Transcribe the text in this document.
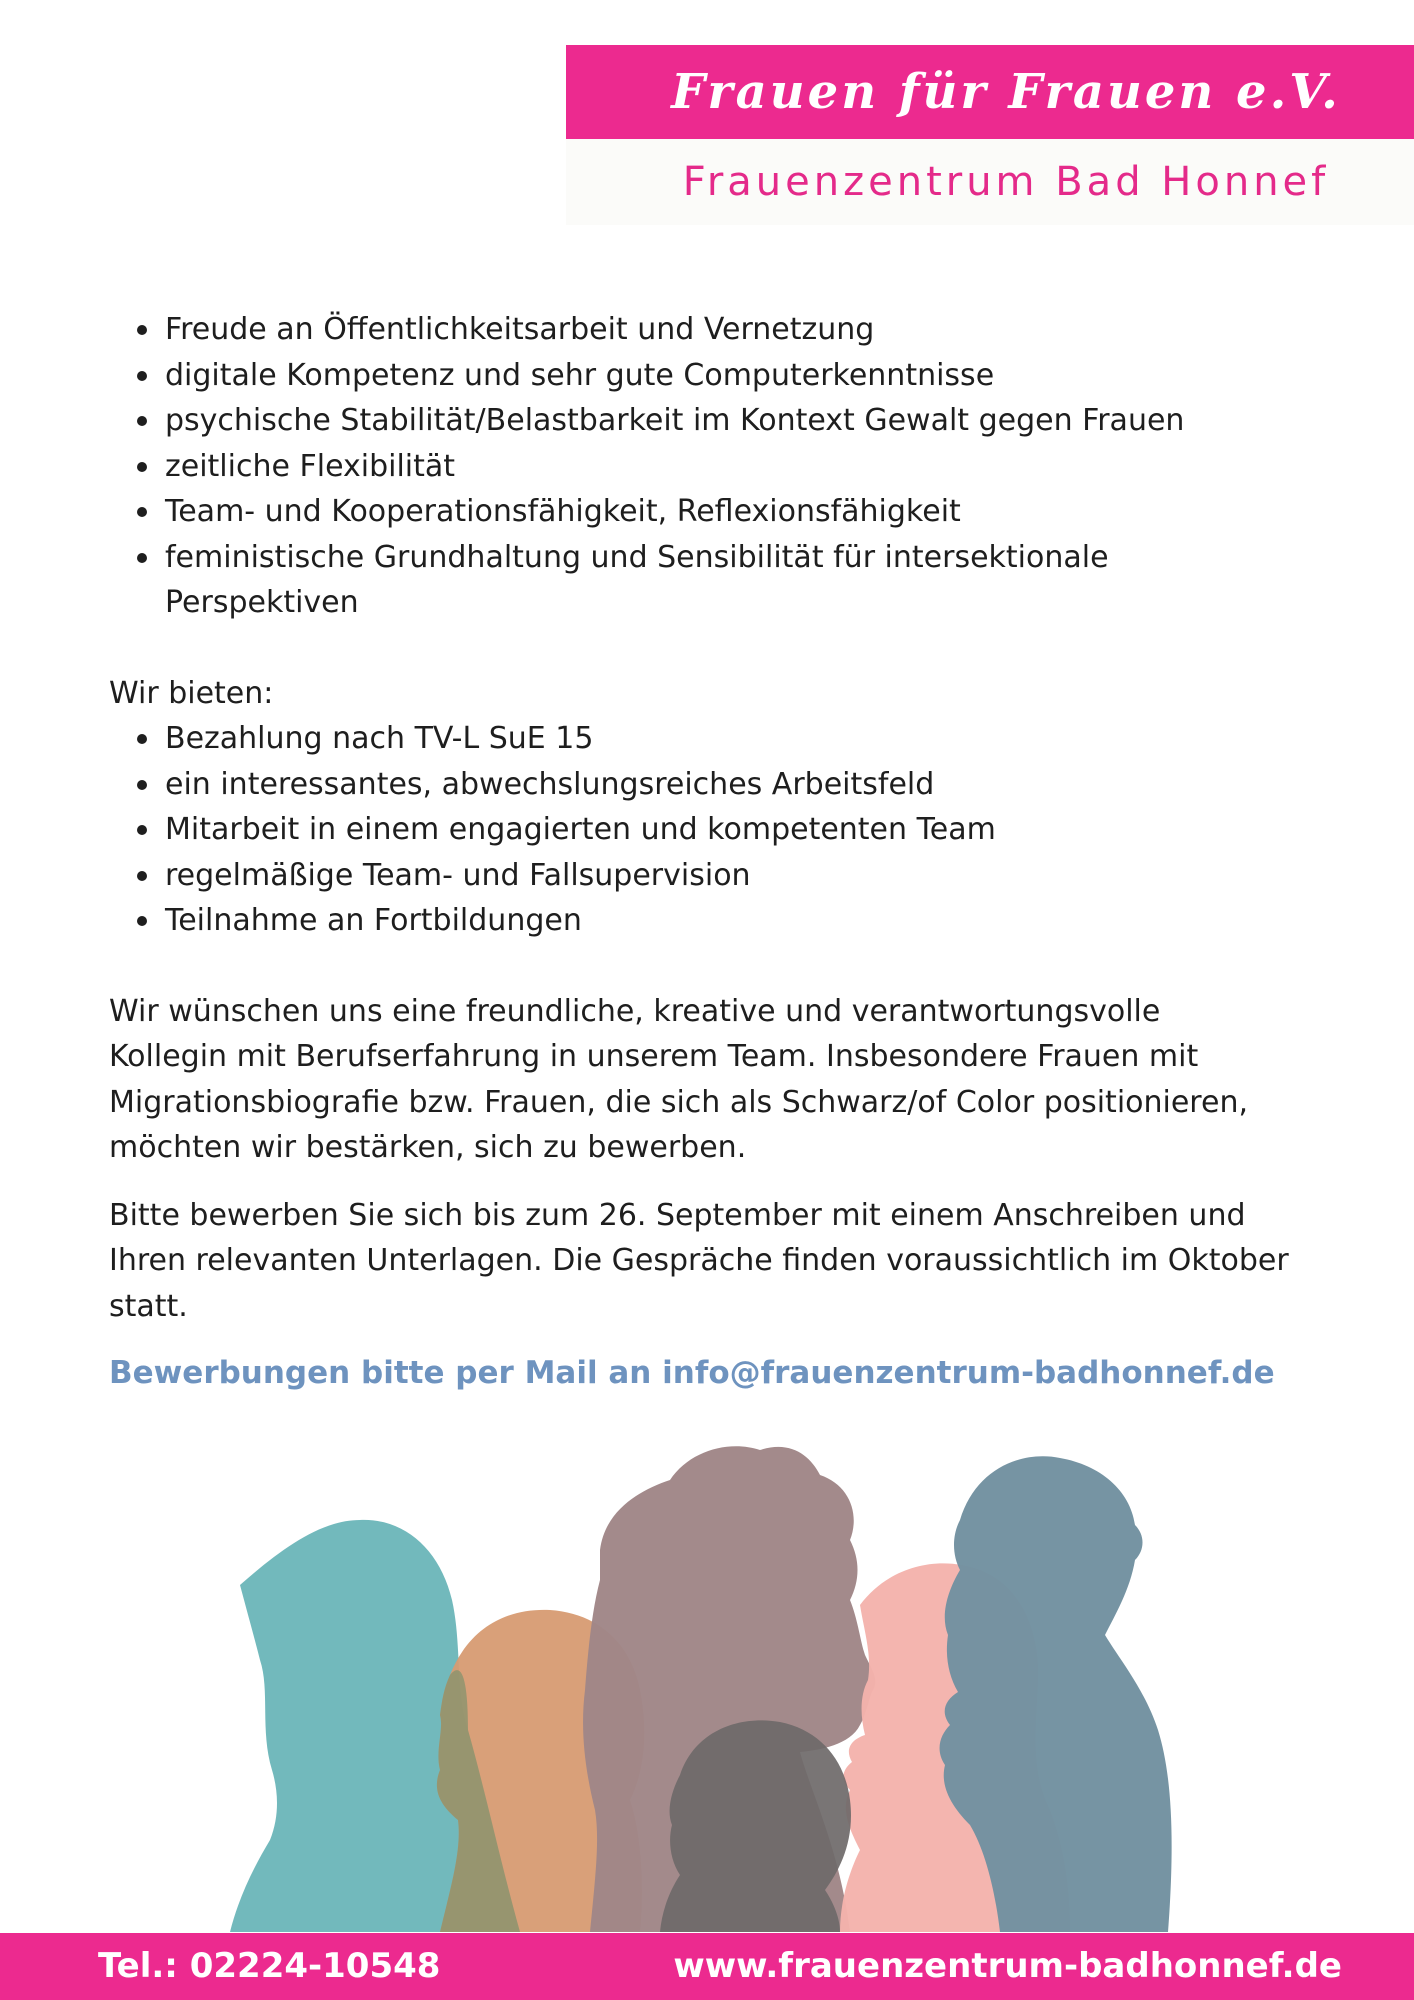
Frauen für Frauen e.V.
Frauenzentrum Bad Honnef
Freude an Öffentlichkeitsarbeit und Vernetzung
digitale Kompetenz und sehr gute Computerkenntnisse
psychische Stabilität/Belastbarkeit im Kontext Gewalt gegen Frauen
zeitliche Flexibilität
Team- und Kooperationsfähigkeit, Reflexionsfähigkeit
feministische Grundhaltung und Sensibilität für intersektionale Perspektiven

Wir bieten:

Bezahlung nach TV-L SuE 15
ein interessantes, abwechslungsreiches Arbeitsfeld
Mitarbeit in einem engagierten und kompetenten Team
regelmäßige Team- und Fallsupervision
Teilnahme an Fortbildungen

Wir wünschen uns eine freundliche, kreative und verantwortungsvolle Kollegin mit Berufserfahrung in unserem Team. Insbesondere Frauen mit Migrationsbiografie bzw. Frauen, die sich als Schwarz/of Color positionieren, möchten wir bestärken, sich zu bewerben.

Bitte bewerben Sie sich bis zum 26. September mit einem Anschreiben und Ihren relevanten Unterlagen. Die Gespräche finden voraussichtlich im Oktober statt.

Bewerbungen bitte per Mail an info@frauenzentrum-badhonnef.de

Tel.: 02224-10548	www.frauenzentrum-badhonnef.de
